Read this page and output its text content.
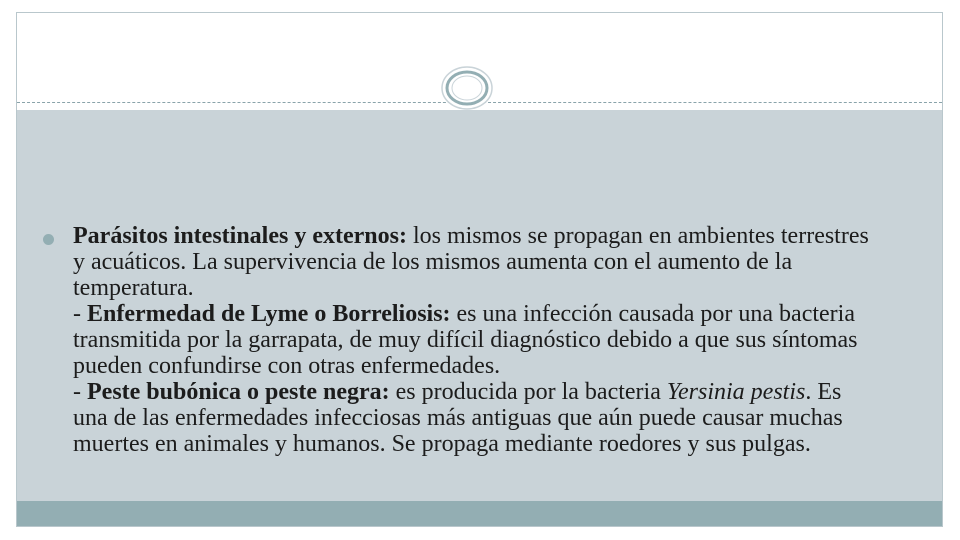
Parásitos intestinales y externos: los mismos se propagan en ambientes terrestres y acuáticos. La supervivencia de los mismos aumenta con el aumento de la temperatura.
- Enfermedad de Lyme o Borreliosis: es una infección causada por una bacteria transmitida por la garrapata, de muy difícil diagnóstico debido a que sus síntomas pueden confundirse con otras enfermedades.
- Peste bubónica o peste negra: es producida por la bacteria Yersinia pestis. Es una de las enfermedades infecciosas más antiguas que aún puede causar muchas muertes en animales y humanos. Se propaga mediante roedores y sus pulgas.
